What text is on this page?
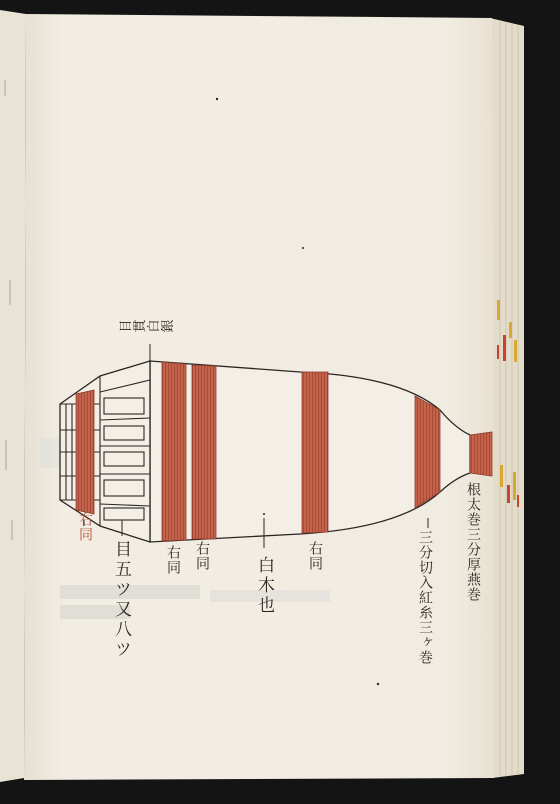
目貫白銀
右同
目五ツ又八ツ 右同 右同	白木也 右同	三分切入紅糸三ヶ巻 根太巻三分厚燕巻
